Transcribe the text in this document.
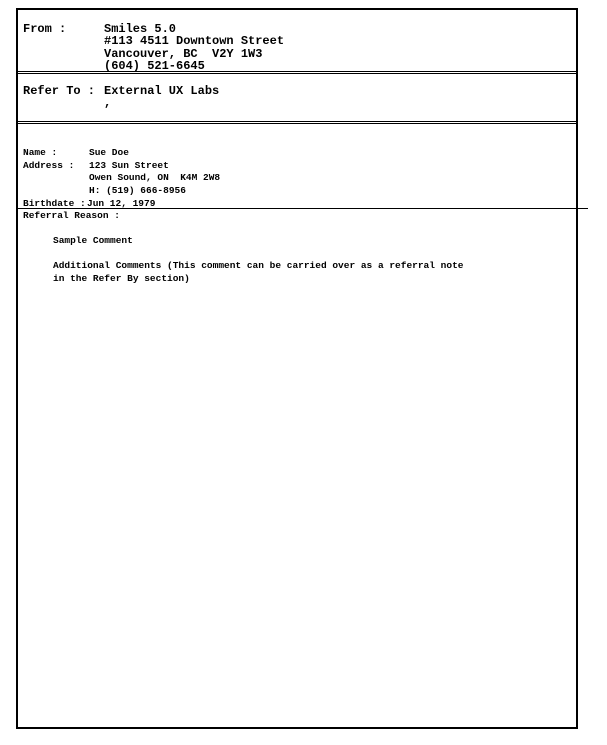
From :	Smiles 5.0
#113 4511 Downtown Street
Vancouver, BC  V2Y 1W3
(604) 521-6645
Refer To : External UX Labs
,
Name :	Sue Doe
Address : 123 Sun Street
Owen Sound, ON  K4M 2W8
H: (519) 666-8956
Birthdate : Jun 12, 1979
Referral Reason :
Sample Comment
Additional Comments (This comment can be carried over as a referral note
in the Refer By section)
